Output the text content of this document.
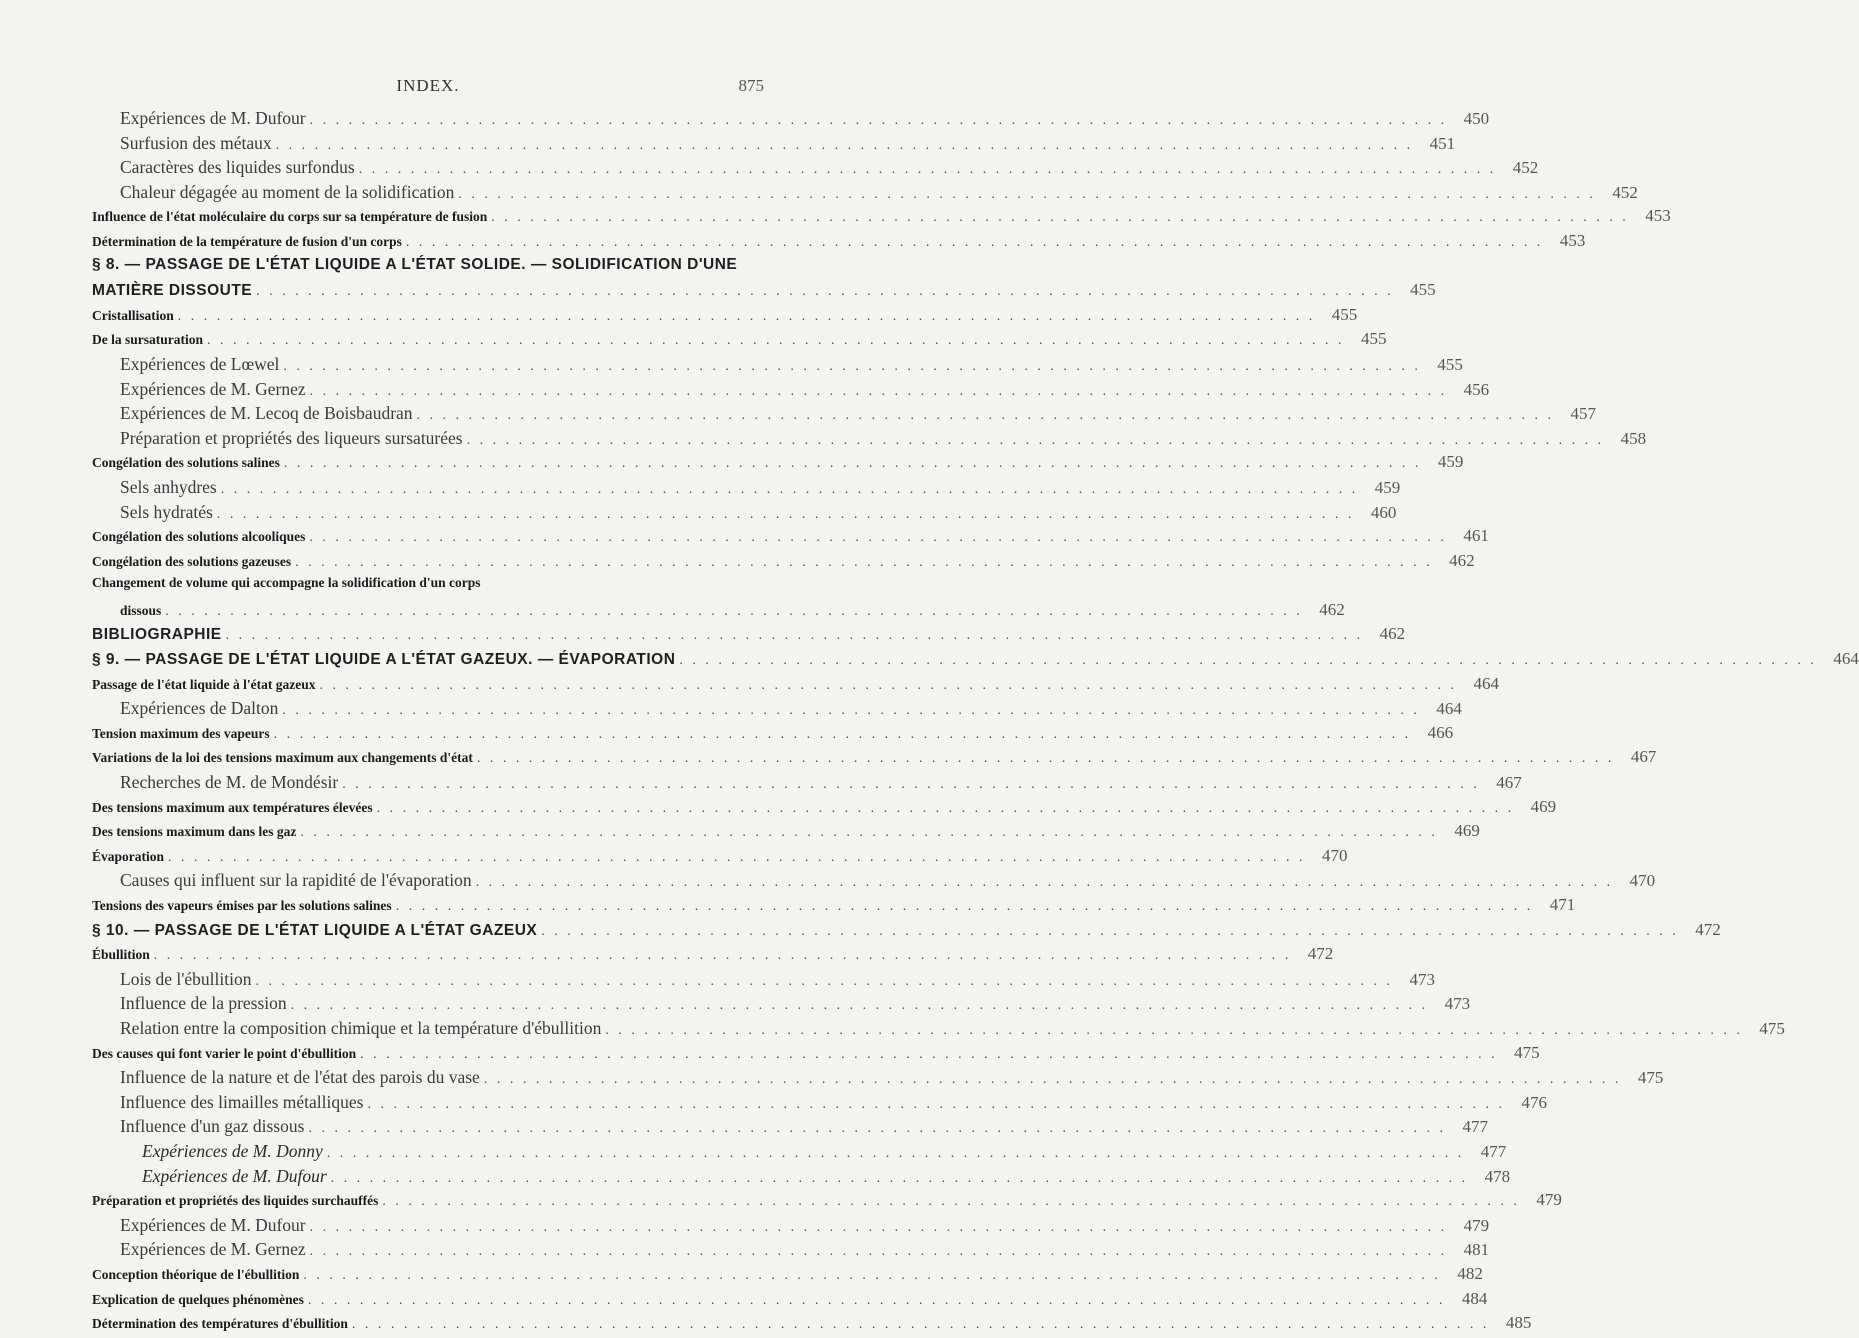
INDEX.	875
Expériences de M. Dufour . . .	450
Surfusion des métaux . . .	451
Caractères des liquides surfondus . . .	452
Chaleur dégagée au moment de la solidification . . .	452
Influence de l'état moléculaire du corps sur sa température de fusion . . .	453
Détermination de la température de fusion d'un corps . . .	453
§ 8. — PASSAGE DE L'ÉTAT LIQUIDE A L'ÉTAT SOLIDE. — SOLIDIFICATION D'UNE
MATIÈRE DISSOUTE . . .	455
Cristallisation . . .	455
De la sursaturation . . .	455
Expériences de Lœwel . . .	455
Expériences de M. Gernez . . .	456
Expériences de M. Lecoq de Boisbaudran . . .	457
Préparation et propriétés des liqueurs sursaturées . . .	458
Congélation des solutions salines . . .	459
Sels anhydres . . .	459
Sels hydratés . . .	460
Congélation des solutions alcooliques . . .	461
Congélation des solutions gazeuses . . .	462
Changement de volume qui accompagne la solidification d'un corps
dissous . . .	462
BIBLIOGRAPHIE . . .	462
§ 9. — PASSAGE DE L'ÉTAT LIQUIDE A L'ÉTAT GAZEUX. — ÉVAPORATION . . .	464
Passage de l'état liquide à l'état gazeux . . .	464
Expériences de Dalton . . .	464
Tension maximum des vapeurs . . .	466
Variations de la loi des tensions maximum aux changements d'état . . .	467
Recherches de M. de Mondésir . . .	467
Des tensions maximum aux températures élevées . . .	469
Des tensions maximum dans les gaz . . .	469
Évaporation . . .	470
Causes qui influent sur la rapidité de l'évaporation . . .	470
Tensions des vapeurs émises par les solutions salines . . .	471
§ 10. — PASSAGE DE L'ÉTAT LIQUIDE A L'ÉTAT GAZEUX . . .	472
Ébullition . . .	472
Lois de l'ébullition . . .	473
Influence de la pression . . .	473
Relation entre la composition chimique et la température d'ébullition . . .	475
Des causes qui font varier le point d'ébullition . . .	475
Influence de la nature et de l'état des parois du vase . . .	475
Influence des limailles métalliques . . .	476
Influence d'un gaz dissous . . .	477
Expériences de M. Donny . . .	477
Expériences de M. Dufour . . .	478
Préparation et propriétés des liquides surchauffés . . .	479
Expériences de M. Dufour . . .	479
Expériences de M. Gernez . . .	481
Conception théorique de l'ébullition . . .	482
Explication de quelques phénomènes . . .	484
Détermination des températures d'ébullition . . .	485
